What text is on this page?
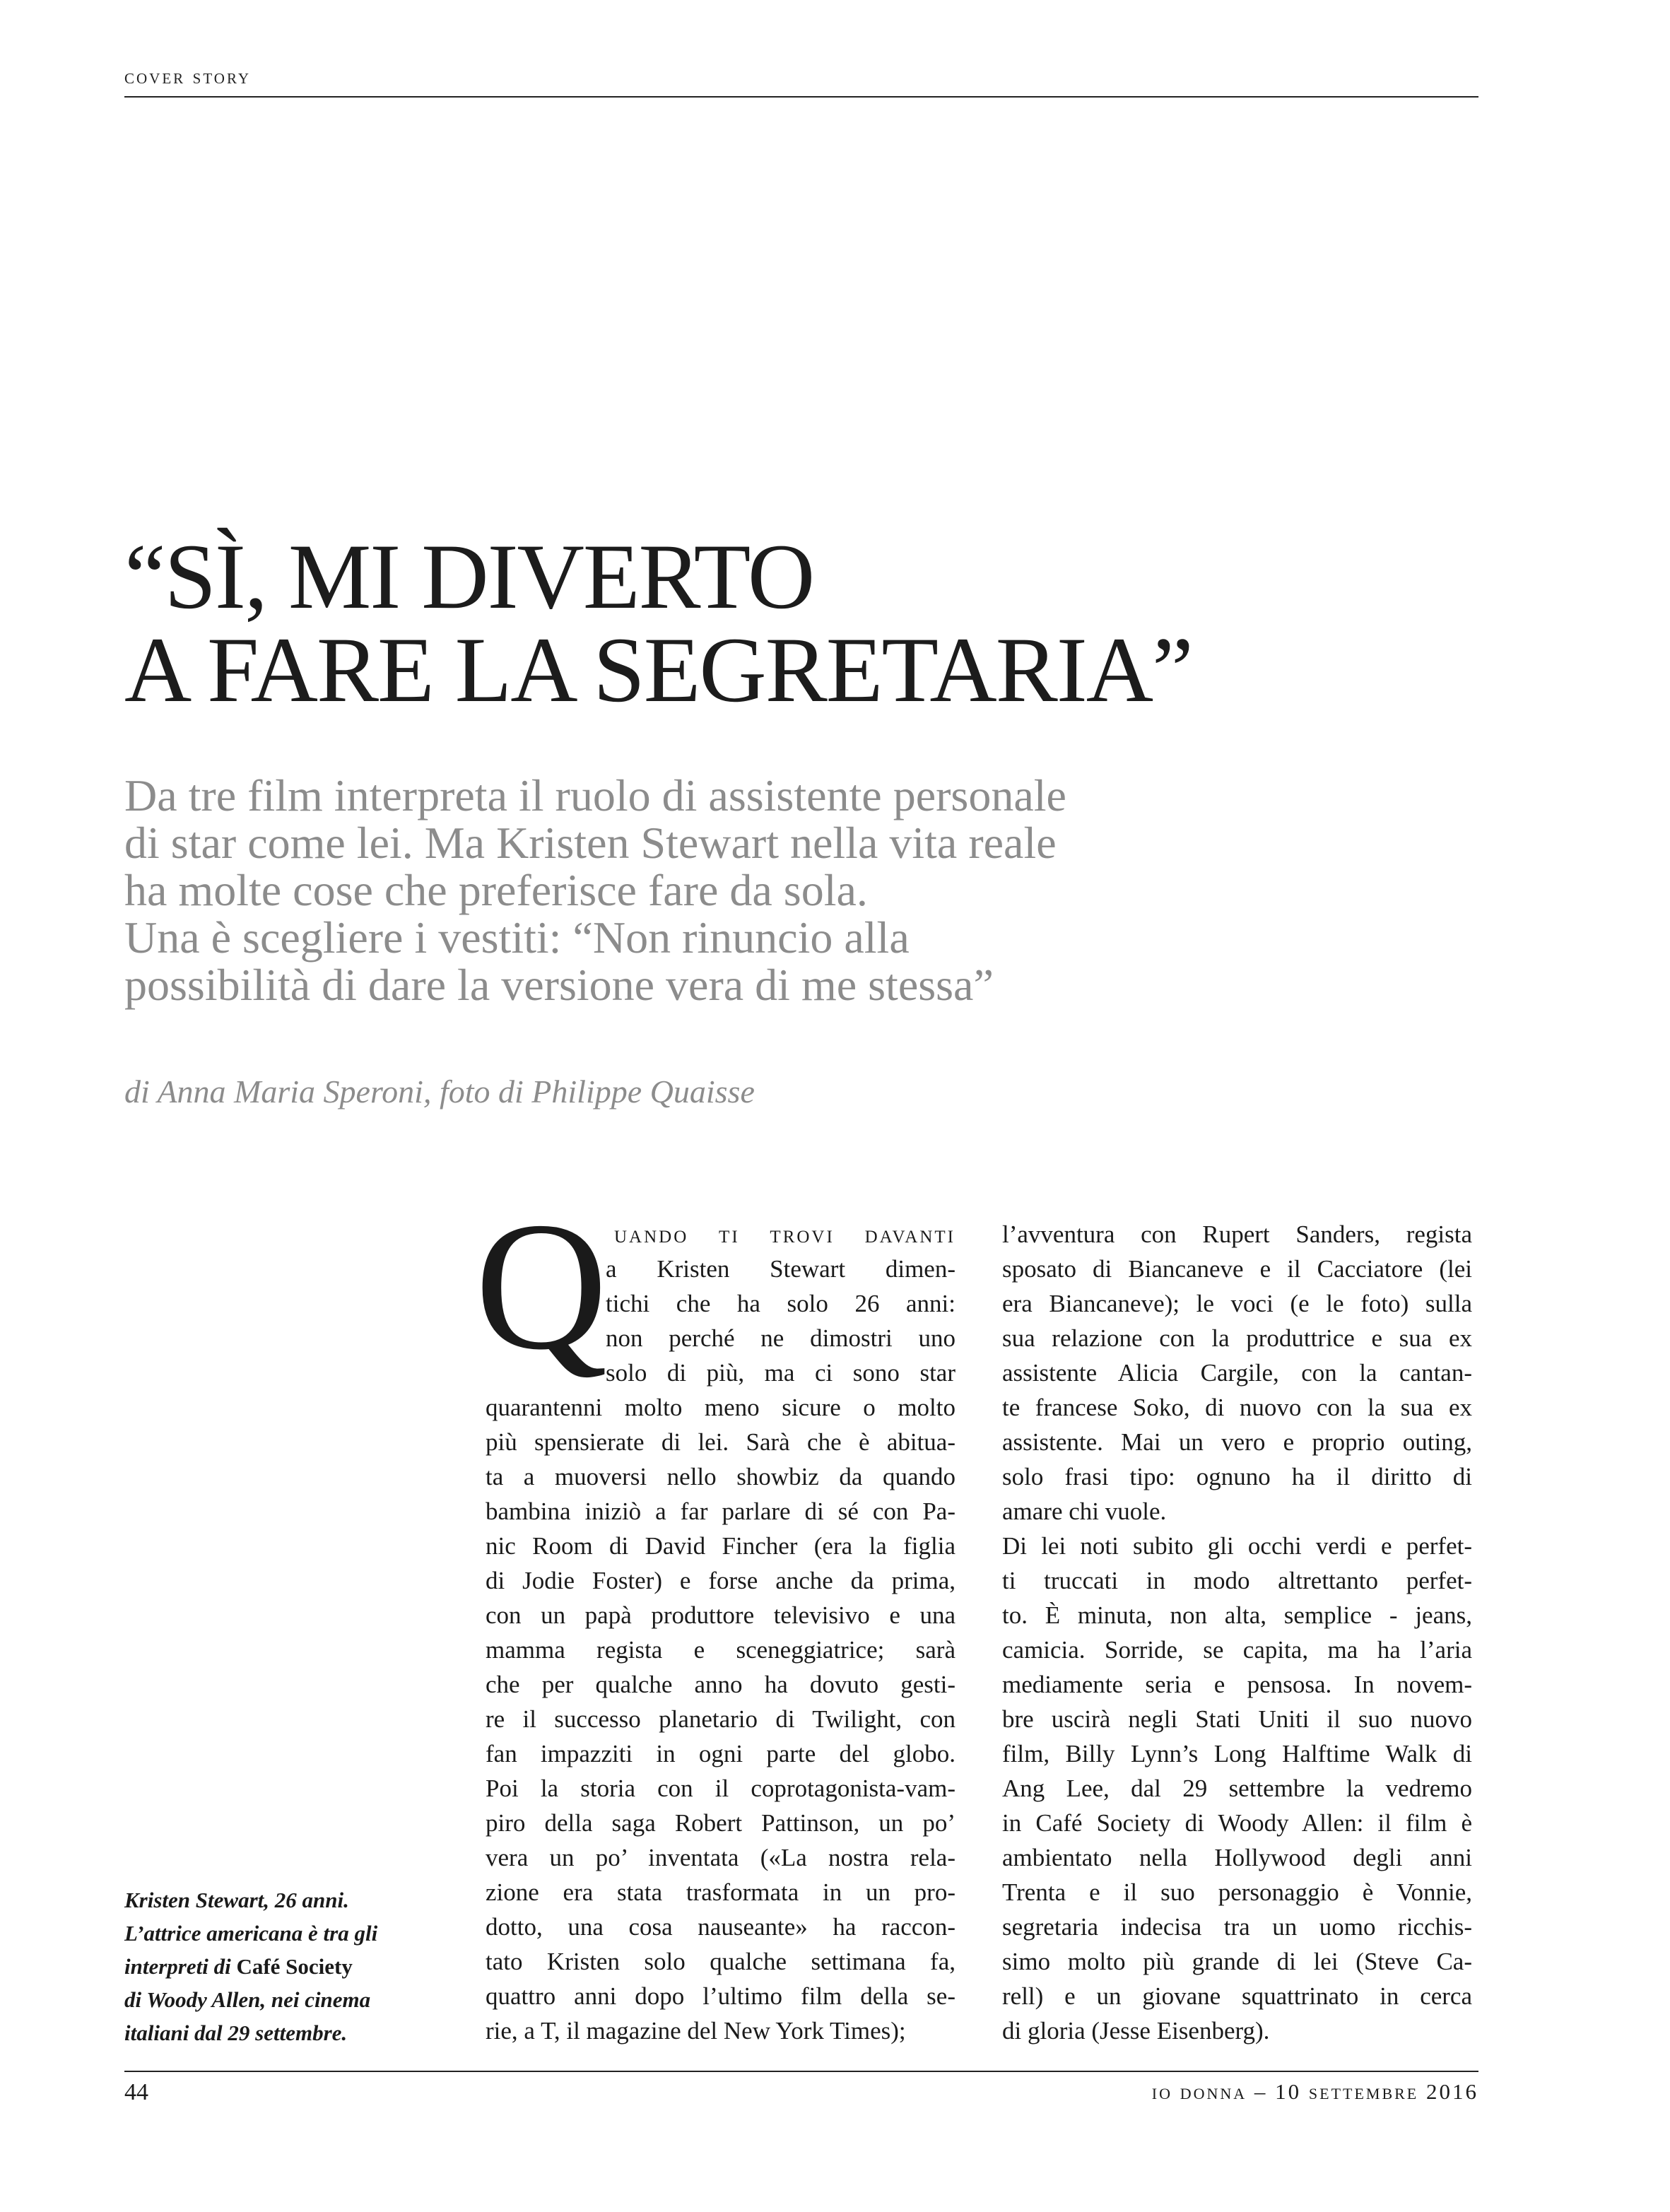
cover story
“SÌ, MI DIVERTO
A FARE LA SEGRETARIA”

Da tre film interpreta il ruolo di assistente personale
di star come lei. Ma Kristen Stewart nella vita reale
ha molte cose che preferisce fare da sola.
Una è scegliere i vestiti: “Non rinuncio alla
possibilità di dare la versione vera di me stessa”

di Anna Maria Speroni, foto di Philippe Quaisse
Kristen Stewart, 26 anni.
L’attrice americana è tra gli
interpreti di Café Society
di Woody Allen, nei cinema
italiani dal 29 settembre.
Q uando ti trovi davanti
a Kristen Stewart dimen-
tichi che ha solo 26 anni:
non perché ne dimostri uno
solo di più, ma ci sono star
quarantenni molto meno sicure o molto
più spensierate di lei. Sarà che è abitua-
ta a muoversi nello showbiz da quando
bambina iniziò a far parlare di sé con Pa-
nic Room di David Fincher (era la figlia
di Jodie Foster) e forse anche da prima,
con un papà produttore televisivo e una
mamma regista e sceneggiatrice; sarà
che per qualche anno ha dovuto gesti-
re il successo planetario di Twilight, con
fan impazziti in ogni parte del globo.
Poi la storia con il coprotagonista-vam-
piro della saga Robert Pattinson, un po’
vera un po’ inventata («La nostra rela-
zione era stata trasformata in un pro-
dotto, una cosa nauseante» ha raccon-
tato Kristen solo qualche settimana fa,
quattro anni dopo l’ultimo film della se-
rie, a T, il magazine del New York Times);
l’avventura con Rupert Sanders, regista
sposato di Biancaneve e il Cacciatore (lei
era Biancaneve); le voci (e le foto) sulla
sua relazione con la produttrice e sua ex
assistente Alicia Cargile, con la cantan-
te francese Soko, di nuovo con la sua ex
assistente. Mai un vero e proprio outing,
solo frasi tipo: ognuno ha il diritto di
amare chi vuole.
Di lei noti subito gli occhi verdi e perfet-
ti truccati in modo altrettanto perfet-
to. È minuta, non alta, semplice - jeans,
camicia. Sorride, se capita, ma ha l’aria
mediamente seria e pensosa. In novem-
bre uscirà negli Stati Uniti il suo nuovo
film, Billy Lynn’s Long Halftime Walk di
Ang Lee, dal 29 settembre la vedremo
in Café Society di Woody Allen: il film è
ambientato nella Hollywood degli anni
Trenta e il suo personaggio è Vonnie,
segretaria indecisa tra un uomo ricchis-
simo molto più grande di lei (Steve Ca-
rell) e un giovane squattrinato in cerca
di gloria (Jesse Eisenberg).
44	io donna – 10 settembre 2016
